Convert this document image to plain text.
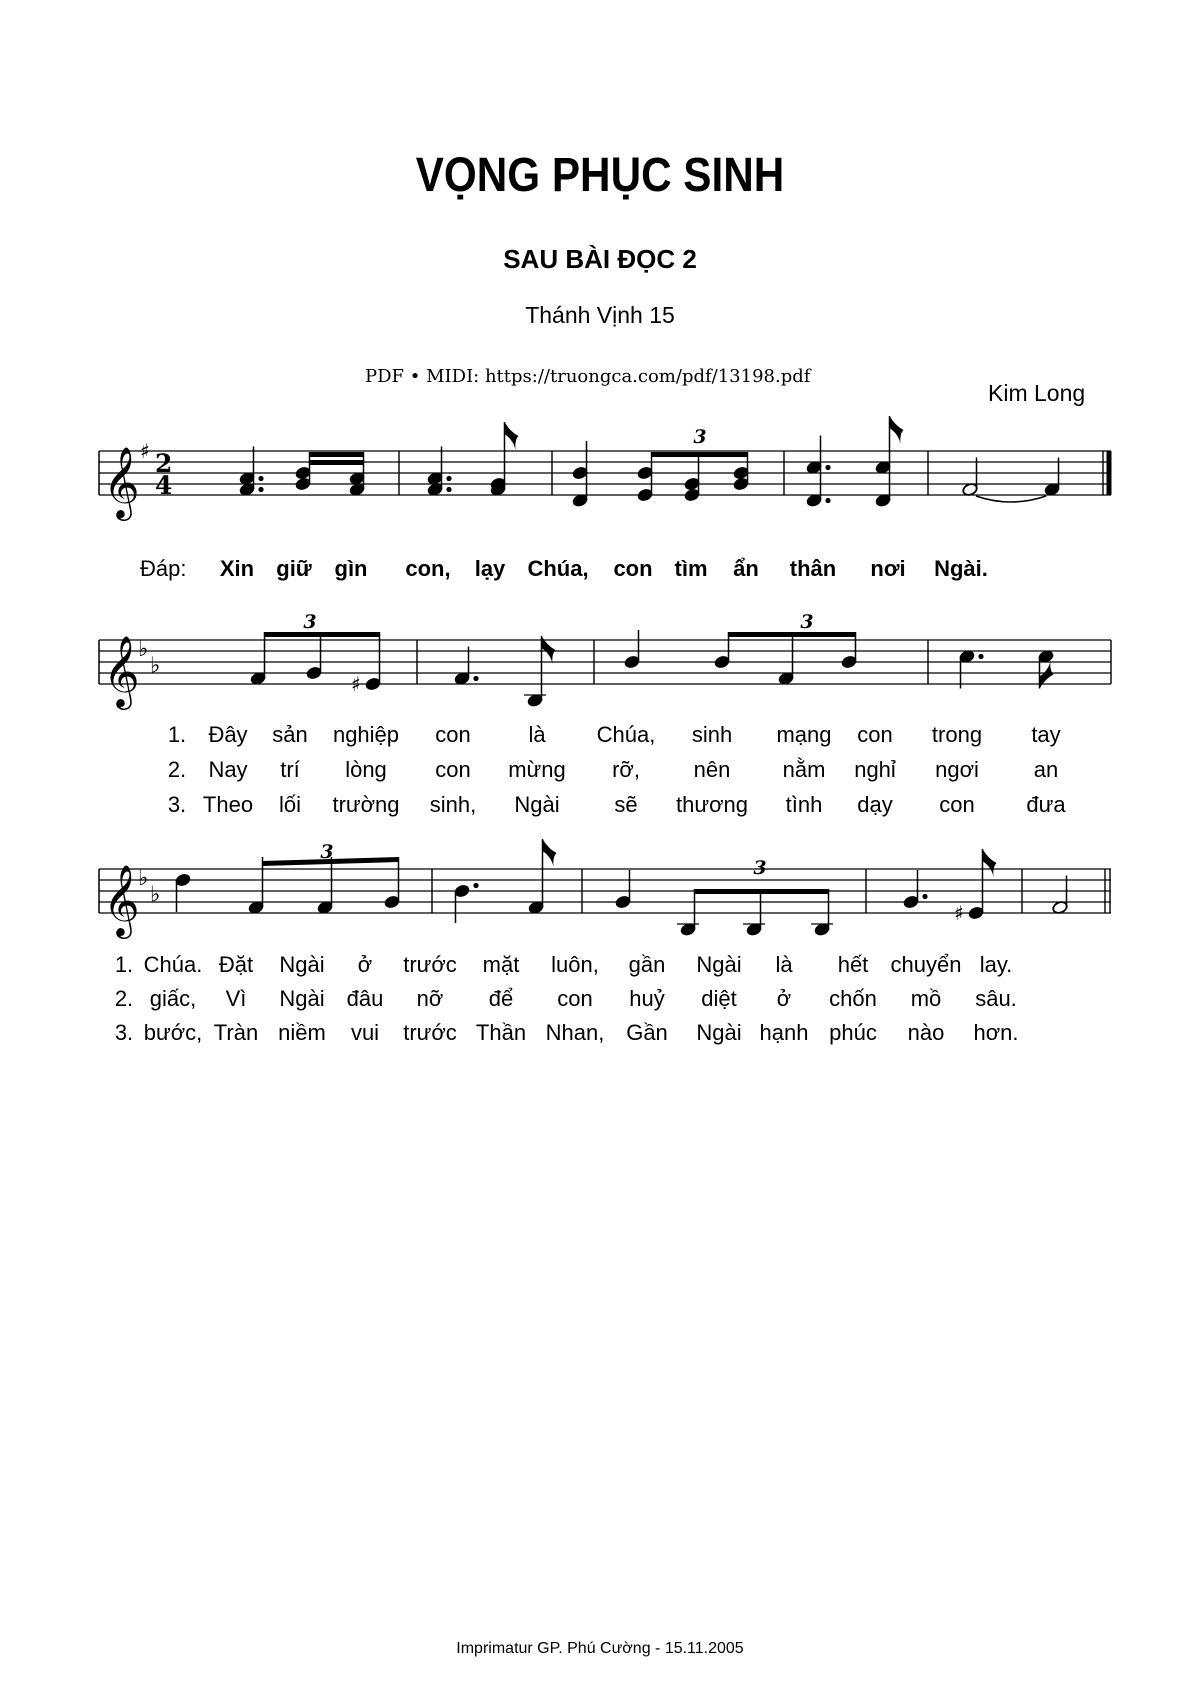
VỌNG PHỤC SINH
SAU BÀI ĐỌC 2
Thánh Vịnh 15
PDF • MIDI: https://truongca.com/pdf/13198.pdf
Kim Long
𝄞 ♯ 2
4
3
𝄞
♭
♭
♯
3	3
𝄞
♭
♭
3
3
♯
Đáp: Xin giữ gìn con, lạy Chúa, con tìm ẩn thân nơi Ngài.
1. Đây sản nghiệp con	là Chúa, sinh mạng con trong tay
2. Nay trí lòng con mừng rỡ, nên nằm nghỉ ngơi an
3. Theo lối trường sinh, Ngài sẽ thương tình dạy con đưa
1. Chúa. Đặt Ngài ở trước mặt luôn, gần Ngài là hết chuyển lay.
2. giấc, Vì Ngài đâu nỡ để con huỷ diệt ở chốn mồ sâu.
3. bước, Tràn niềm vui trước Thần Nhan, Gần Ngài hạnh phúc nào hơn.
Imprimatur GP. Phú Cường - 15.11.2005
